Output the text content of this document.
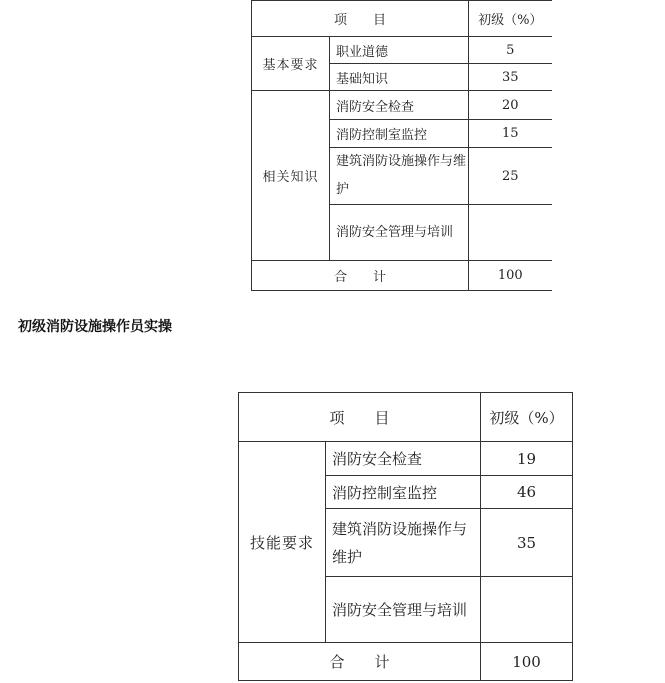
项　　目		初级（%）
基本要求	职业道德	5
	基础知识	35
相关知识	消防安全检查	20
	消防控制室监控	15
	建筑消防设施操作与维护	25
	消防安全管理与培训	
合　　计		100
初级消防设施操作员实操
项　　目		初级（%）
技能要求	消防安全检查	19
	消防控制室监控	46
	建筑消防设施操作与维护	35
	消防安全管理与培训	
合　　计		100
